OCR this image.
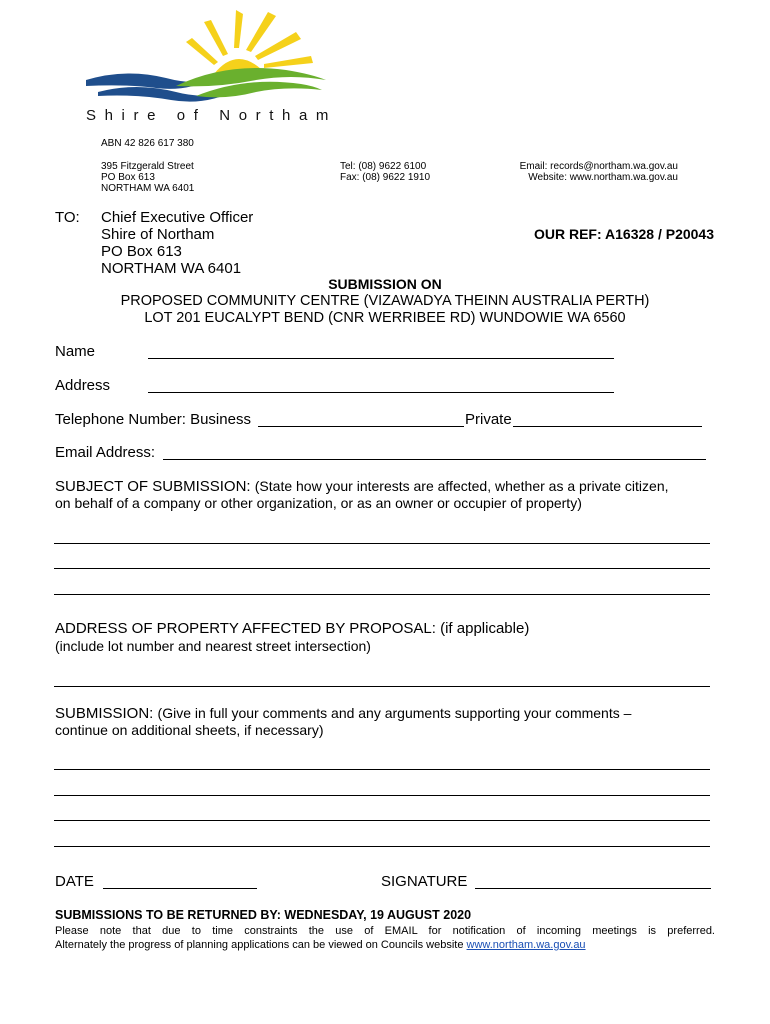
Shire of Northam
ABN 42 826 617 380
395 Fitzgerald Street
PO Box 613
NORTHAM WA 6401
Tel: (08) 9622 6100
Fax: (08) 9622 1910
Email: records@northam.wa.gov.au
Website: www.northam.wa.gov.au
TO: Chief Executive Officer
Shire of Northam
PO Box 613
NORTHAM WA 6401
OUR REF: A16328 / P20043
SUBMISSION ON
PROPOSED COMMUNITY CENTRE (VIZAWADYA THEINN AUSTRALIA PERTH)
LOT 201 EUCALYPT BEND (CNR WERRIBEE RD) WUNDOWIE WA 6560
Name
Address
Telephone Number: Business	Private
Email Address:
SUBJECT OF SUBMISSION: (State how your interests are affected, whether as a private citizen,
on behalf of a company or other organization, or as an owner or occupier of property)
ADDRESS OF PROPERTY AFFECTED BY PROPOSAL: (if applicable)
(include lot number and nearest street intersection)
SUBMISSION: (Give in full your comments and any arguments supporting your comments –
continue on additional sheets, if necessary)
DATE	SIGNATURE
SUBMISSIONS TO BE RETURNED BY: WEDNESDAY, 19 AUGUST 2020
Please note that due to time constraints the use of EMAIL for notification of incoming meetings is preferred.
Alternately the progress of planning applications can be viewed on Councils website www.northam.wa.gov.au
